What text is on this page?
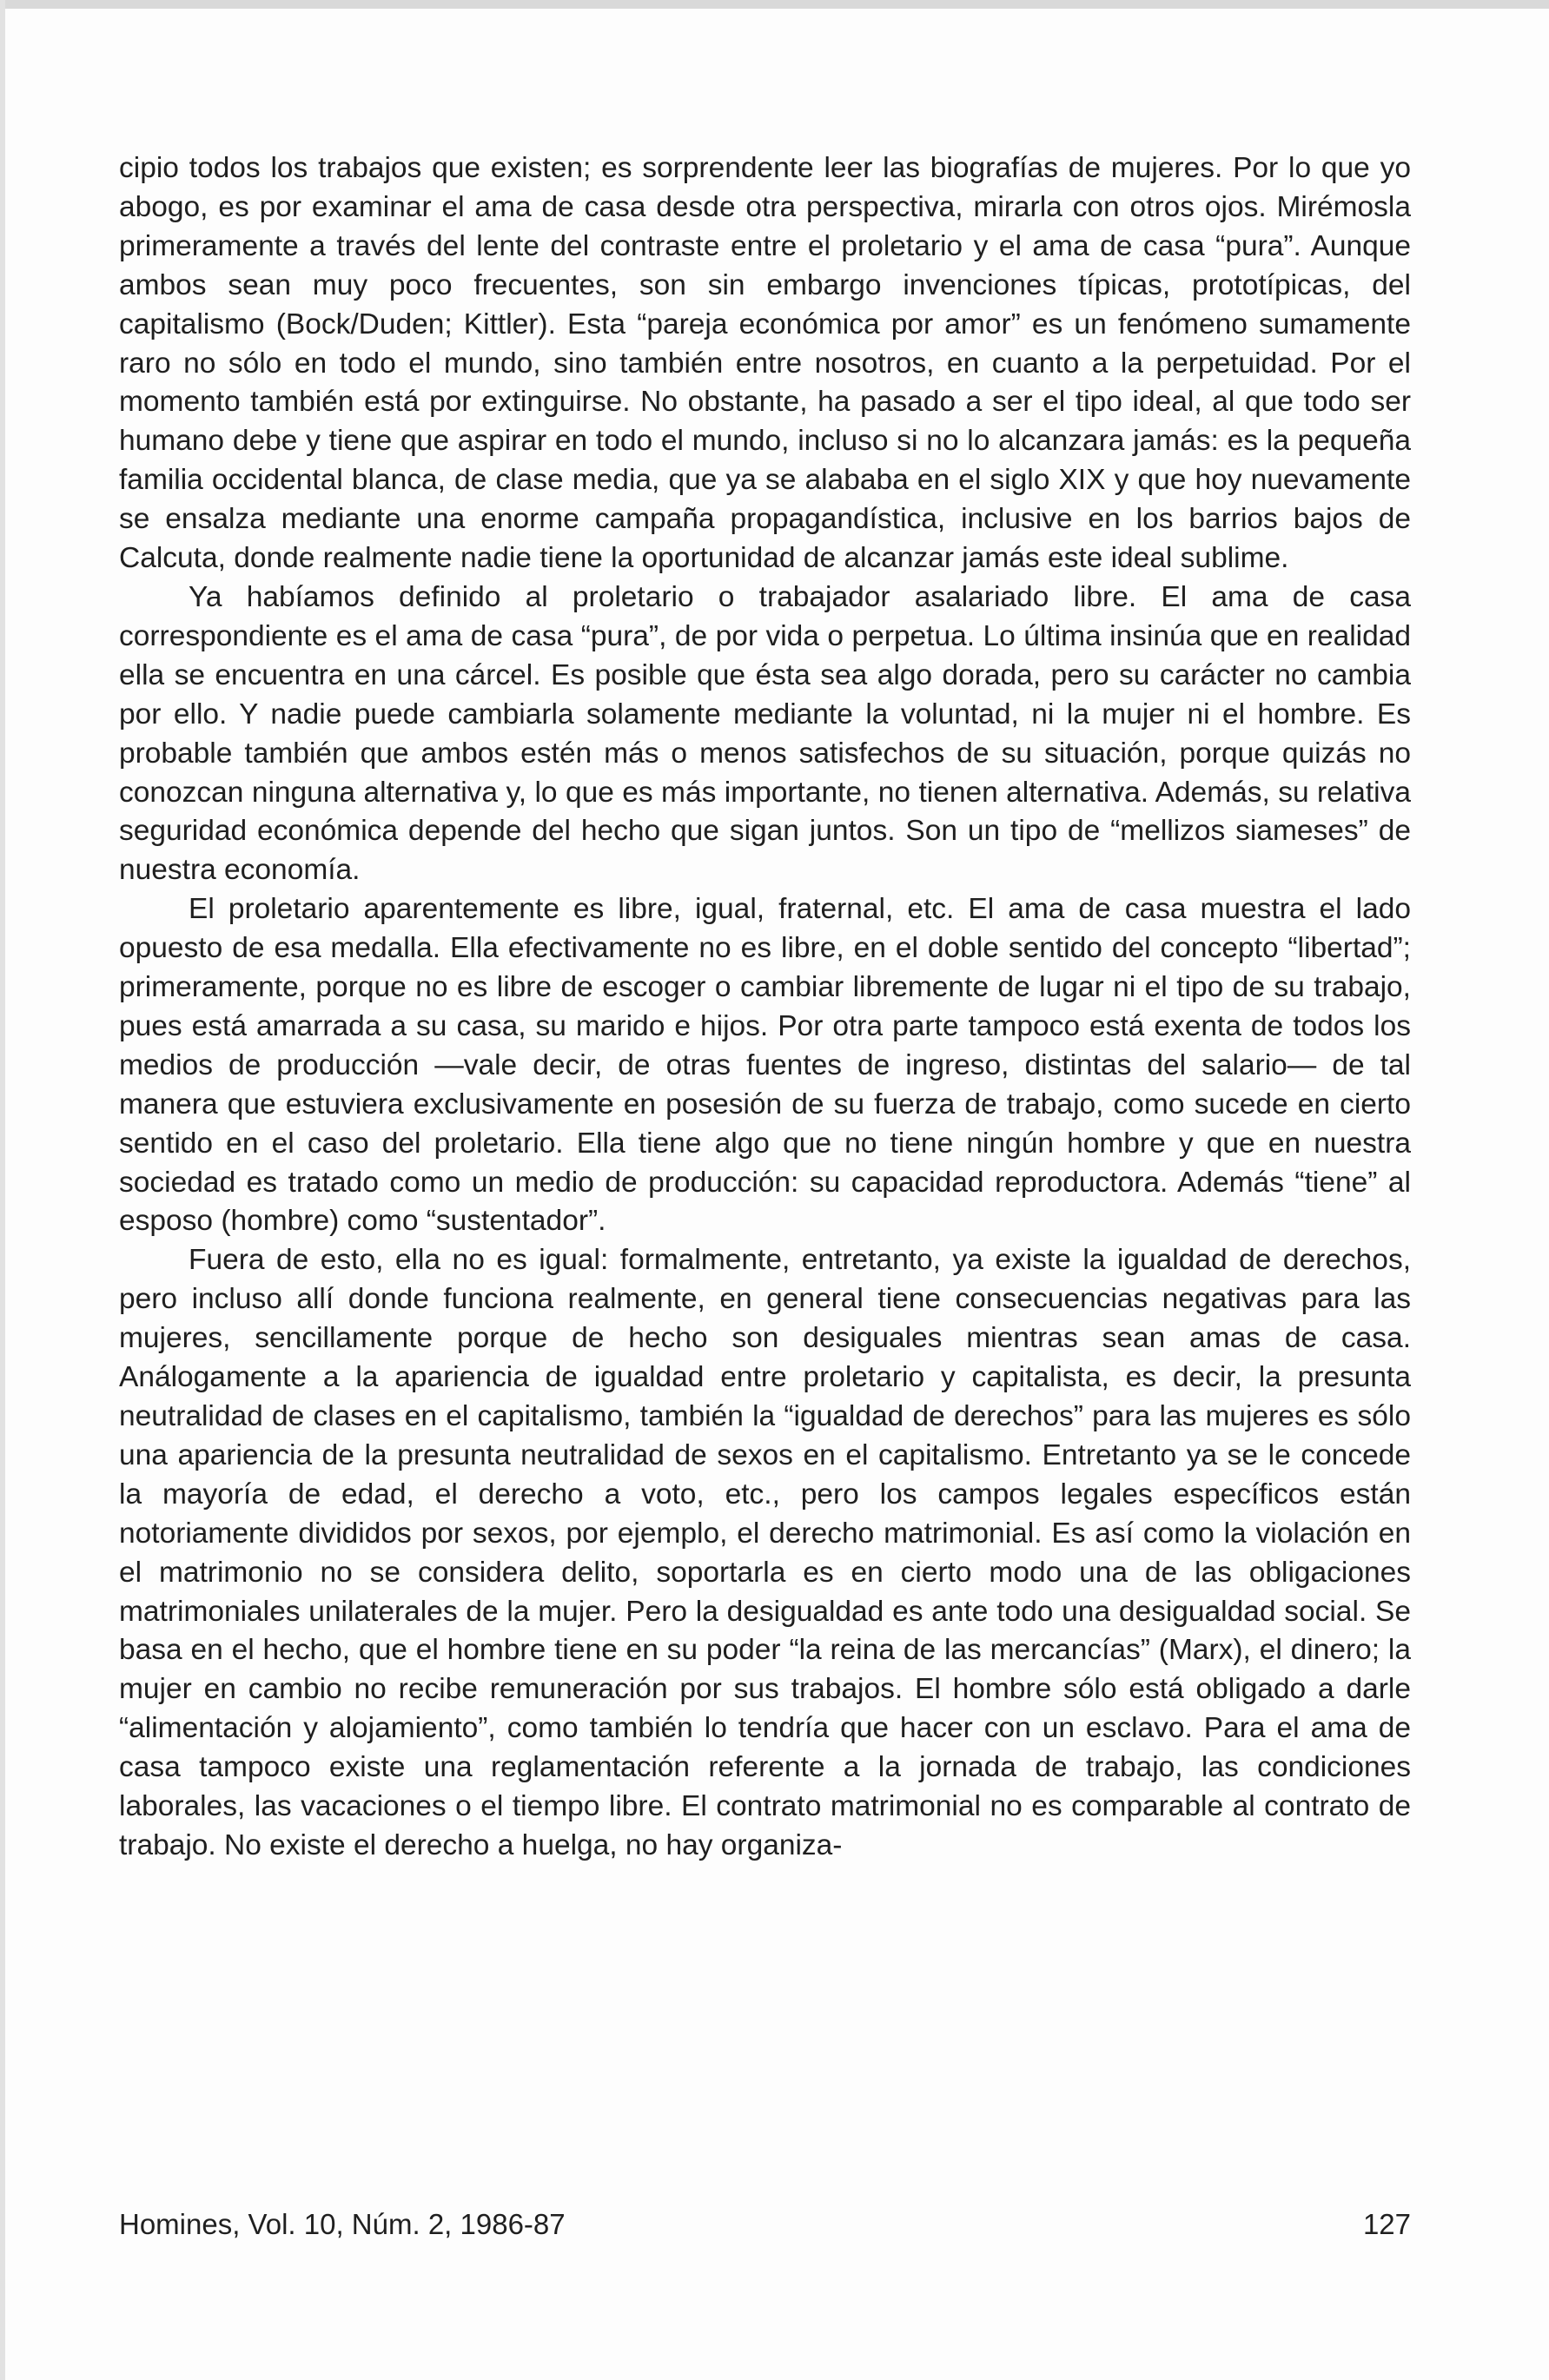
cipio todos los trabajos que existen; es sorprendente leer las biografías de mujeres. Por lo que yo abogo, es por examinar el ama de casa desde otra perspectiva, mirarla con otros ojos. Mirémosla primeramente a través del lente del contraste entre el proletario y el ama de casa “pura”. Aunque ambos sean muy poco frecuentes, son sin embargo invenciones típicas, prototípicas, del capitalismo (Bock/Duden; Kittler). Esta “pareja económica por amor” es un fenómeno sumamente raro no sólo en todo el mundo, sino también entre nosotros, en cuanto a la perpetuidad. Por el momento también está por extinguirse. No obstante, ha pasado a ser el tipo ideal, al que todo ser humano debe y tiene que aspirar en todo el mundo, incluso si no lo alcanzara jamás: es la pequeña familia occidental blanca, de clase media, que ya se alababa en el siglo XIX y que hoy nuevamente se ensalza mediante una enorme campaña propagandística, inclusive en los barrios bajos de Calcuta, donde realmente nadie tiene la oportunidad de alcanzar jamás este ideal sublime.

Ya habíamos definido al proletario o trabajador asalariado libre. El ama de casa correspondiente es el ama de casa “pura”, de por vida o perpetua. Lo última insinúa que en realidad ella se encuentra en una cárcel. Es posible que ésta sea algo dorada, pero su carácter no cambia por ello. Y nadie puede cambiarla solamente mediante la voluntad, ni la mujer ni el hombre. Es probable también que ambos estén más o menos satisfechos de su situación, porque quizás no conozcan ninguna alternativa y, lo que es más importante, no tienen alternativa. Además, su relativa seguridad económica depende del hecho que sigan juntos. Son un tipo de “mellizos siameses” de nuestra economía.

El proletario aparentemente es libre, igual, fraternal, etc. El ama de casa muestra el lado opuesto de esa medalla. Ella efectivamente no es libre, en el doble sentido del concepto “libertad”; primeramente, porque no es libre de escoger o cambiar libremente de lugar ni el tipo de su trabajo, pues está amarrada a su casa, su marido e hijos. Por otra parte tampoco está exenta de todos los medios de producción —vale decir, de otras fuentes de ingreso, distintas del salario— de tal manera que estuviera exclusivamente en posesión de su fuerza de trabajo, como sucede en cierto sentido en el caso del proletario. Ella tiene algo que no tiene ningún hombre y que en nuestra sociedad es tratado como un medio de producción: su capacidad reproductora. Además “tiene” al esposo (hombre) como “sustentador”.

Fuera de esto, ella no es igual: formalmente, entretanto, ya existe la igualdad de derechos, pero incluso allí donde funciona realmente, en general tiene consecuencias negativas para las mujeres, sencillamente porque de hecho son desiguales mientras sean amas de casa. Análogamente a la apariencia de igualdad entre proletario y capitalista, es decir, la presunta neutralidad de clases en el capitalismo, también la “igualdad de derechos” para las mujeres es sólo una apariencia de la presunta neutralidad de sexos en el capitalismo. Entretanto ya se le concede la mayoría de edad, el derecho a voto, etc., pero los campos legales específicos están notoriamente divididos por sexos, por ejemplo, el derecho matrimonial. Es así como la violación en el matrimonio no se considera delito, soportarla es en cierto modo una de las obligaciones matrimoniales unilaterales de la mujer. Pero la desigualdad es ante todo una desigualdad social. Se basa en el hecho, que el hombre tiene en su poder “la reina de las mercancías” (Marx), el dinero; la mujer en cambio no recibe remuneración por sus trabajos. El hombre sólo está obligado a darle “alimentación y alojamiento”, como también lo tendría que hacer con un esclavo. Para el ama de casa tampoco existe una reglamentación referente a la jornada de trabajo, las condiciones laborales, las vacaciones o el tiempo libre. El contrato matrimonial no es comparable al contrato de trabajo. No existe el derecho a huelga, no hay organiza-

Homines, Vol. 10, Núm. 2, 1986-87	127
